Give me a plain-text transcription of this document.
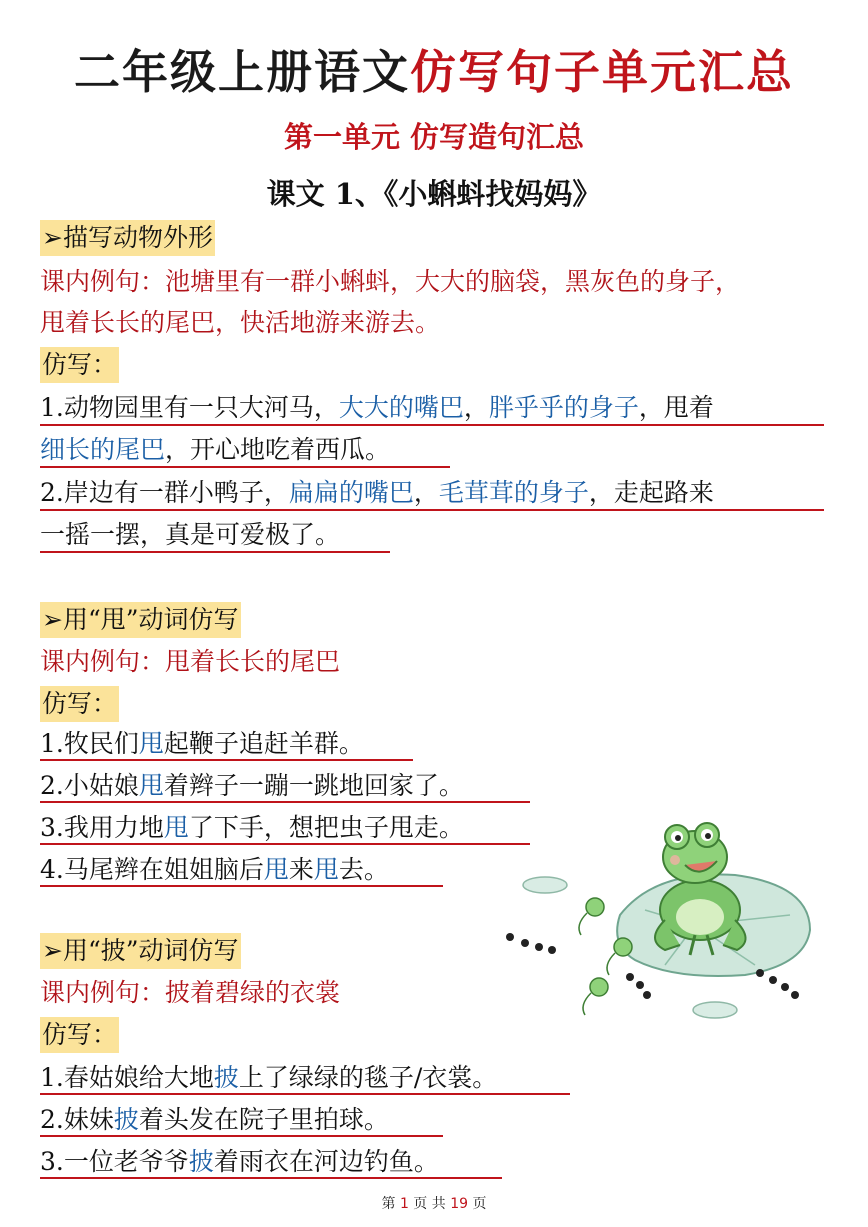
二年级上册语文仿写句子单元汇总
第一单元 仿写造句汇总
课文 1、《小蝌蚪找妈妈》
➢描写动物外形
课内例句：池塘里有一群小蝌蚪，大大的脑袋，黑灰色的身子，
甩着长长的尾巴，快活地游来游去。
仿写：
1.动物园里有一只大河马，大大的嘴巴，胖乎乎的身子，甩着
细长的尾巴，开心地吃着西瓜。
2.岸边有一群小鸭子，扁扁的嘴巴，毛茸茸的身子，走起路来
一摇一摆，真是可爱极了。
➢用“甩”动词仿写
课内例句：甩着长长的尾巴
仿写：
1.牧民们甩起鞭子追赶羊群。
2.小姑娘甩着辫子一蹦一跳地回家了。
3.我用力地甩了下手，想把虫子甩走。
4.马尾辫在姐姐脑后甩来甩去。
➢用“披”动词仿写
课内例句：披着碧绿的衣裳
仿写：
1.春姑娘给大地披上了绿绿的毯子/衣裳。
2.妹妹披着头发在院子里拍球。
3.一位老爷爷披着雨衣在河边钓鱼。
第 1 页 共 19 页
